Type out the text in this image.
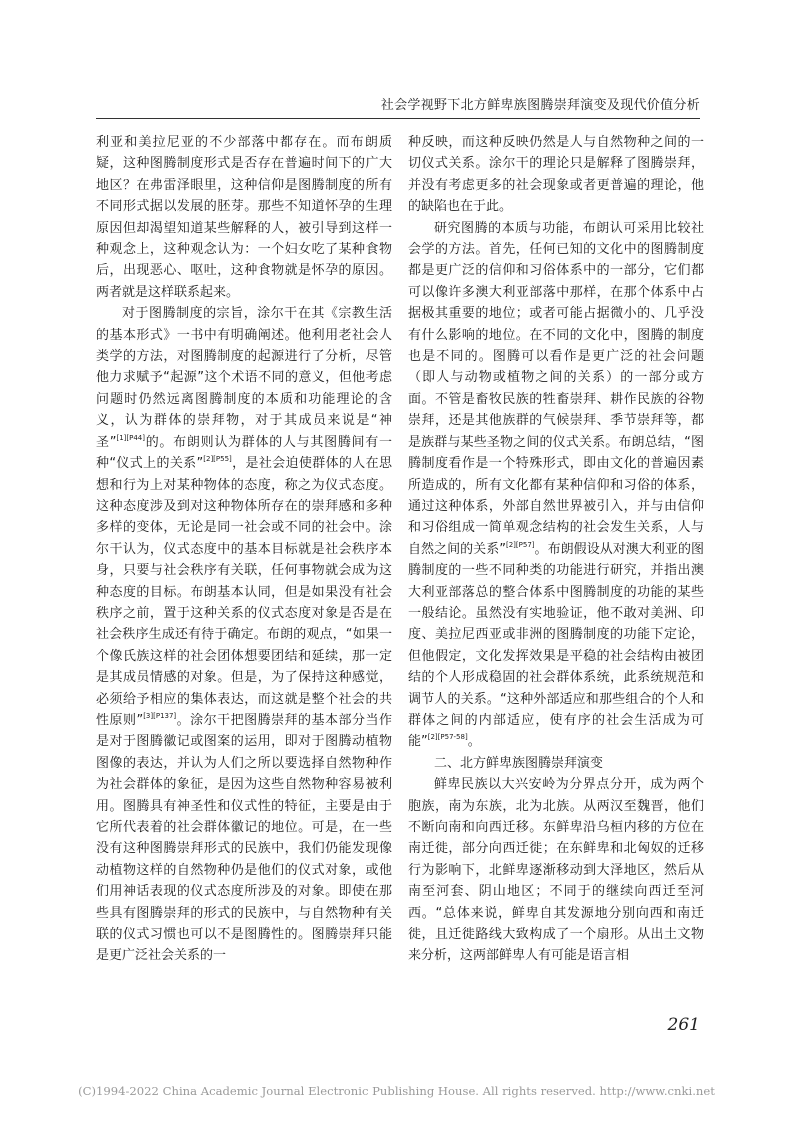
社会学视野下北方鲜卑族图腾崇拜演变及现代价值分析

利亚和美拉尼亚的不少部落中都存在。而布朗质疑，这种图腾制度形式是否存在普遍时间下的广大地区？在弗雷泽眼里，这种信仰是图腾制度的所有不同形式据以发展的胚芽。那些不知道怀孕的生理原因但却渴望知道某些解释的人，被引导到这样一种观念上，这种观念认为：一个妇女吃了某种食物后，出现恶心、呕吐，这种食物就是怀孕的原因。两者就是这样联系起来。

对于图腾制度的宗旨，涂尔干在其《宗教生活的基本形式》一书中有明确阐述。他利用老社会人类学的方法，对图腾制度的起源进行了分析，尽管他力求赋予“起源”这个术语不同的意义，但他考虑问题时仍然远离图腾制度的本质和功能理论的含义，认为群体的崇拜物，对于其成员来说是“神圣”[1][P44]的。布朗则认为群体的人与其图腾间有一种“仪式上的关系”[2][P55]，是社会迫使群体的人在思想和行为上对某种物体的态度，称之为仪式态度。这种态度涉及到对这种物体所存在的崇拜感和多种多样的变体，无论是同一社会或不同的社会中。涂尔干认为，仪式态度中的基本目标就是社会秩序本身，只要与社会秩序有关联，任何事物就会成为这种态度的目标。布朗基本认同，但是如果没有社会秩序之前，置于这种关系的仪式态度对象是否是在社会秩序生成还有待于确定。布朗的观点，“如果一个像氏族这样的社会团体想要团结和延续，那一定是其成员情感的对象。但是，为了保持这种感觉，必须给予相应的集体表达，而这就是整个社会的共性原则”[3][P137]。涂尔干把图腾崇拜的基本部分当作是对于图腾徽记或图案的运用，即对于图腾动植物图像的表达，并认为人们之所以要选择自然物种作为社会群体的象征，是因为这些自然物种容易被利用。图腾具有神圣性和仪式性的特征，主要是由于它所代表着的社会群体徽记的地位。可是，在一些没有这种图腾崇拜形式的民族中，我们仍能发现像动植物这样的自然物种仍是他们的仪式对象，或他们用神话表现的仪式态度所涉及的对象。即使在那些具有图腾崇拜的形式的民族中，与自然物种有关联的仪式习惯也可以不是图腾性的。图腾崇拜只能是更广泛社会关系的一

种反映，而这种反映仍然是人与自然物种之间的一切仪式关系。涂尔干的理论只是解释了图腾崇拜，并没有考虑更多的社会现象或者更普遍的理论，他的缺陷也在于此。

研究图腾的本质与功能，布朗认可采用比较社会学的方法。首先，任何已知的文化中的图腾制度都是更广泛的信仰和习俗体系中的一部分，它们都可以像许多澳大利亚部落中那样，在那个体系中占据极其重要的地位；或者可能占据微小的、几乎没有什么影响的地位。在不同的文化中，图腾的制度也是不同的。图腾可以看作是更广泛的社会问题（即人与动物或植物之间的关系）的一部分或方面。不管是畜牧民族的牲畜崇拜、耕作民族的谷物崇拜，还是其他族群的气候崇拜、季节崇拜等，都是族群与某些圣物之间的仪式关系。布朗总结，“图腾制度看作是一个特殊形式，即由文化的普遍因素所造成的，所有文化都有某种信仰和习俗的体系，通过这种体系，外部自然世界被引入，并与由信仰和习俗组成一简单观念结构的社会发生关系，人与自然之间的关系”[2][P57]。布朗假设从对澳大利亚的图腾制度的一些不同种类的功能进行研究，并指出澳大利亚部落总的整合体系中图腾制度的功能的某些一般结论。虽然没有实地验证，他不敢对美洲、印度、美拉尼西亚或非洲的图腾制度的功能下定论，但他假定，文化发挥效果是平稳的社会结构由被团结的个人形成稳固的社会群体系统，此系统规范和调节人的关系。“这种外部适应和那些组合的个人和群体之间的内部适应，使有序的社会生活成为可能”[2][P57-58]。

二、北方鲜卑族图腾崇拜演变

鲜卑民族以大兴安岭为分界点分开，成为两个胞族，南为东族，北为北族。从两汉至魏晋，他们不断向南和向西迁移。东鲜卑沿乌桓内移的方位在南迁徙，部分向西迁徙；在东鲜卑和北匈奴的迁移行为影响下，北鲜卑逐渐移动到大泽地区，然后从南至河套、阴山地区；不同于的继续向西迁至河西。“总体来说，鲜卑自其发源地分别向西和南迁徙，且迁徙路线大致构成了一个扇形。从出土文物来分析，这两部鲜卑人有可能是语言相

261
(C)1994-2022 China Academic Journal Electronic Publishing House. All rights reserved. http://www.cnki.net
